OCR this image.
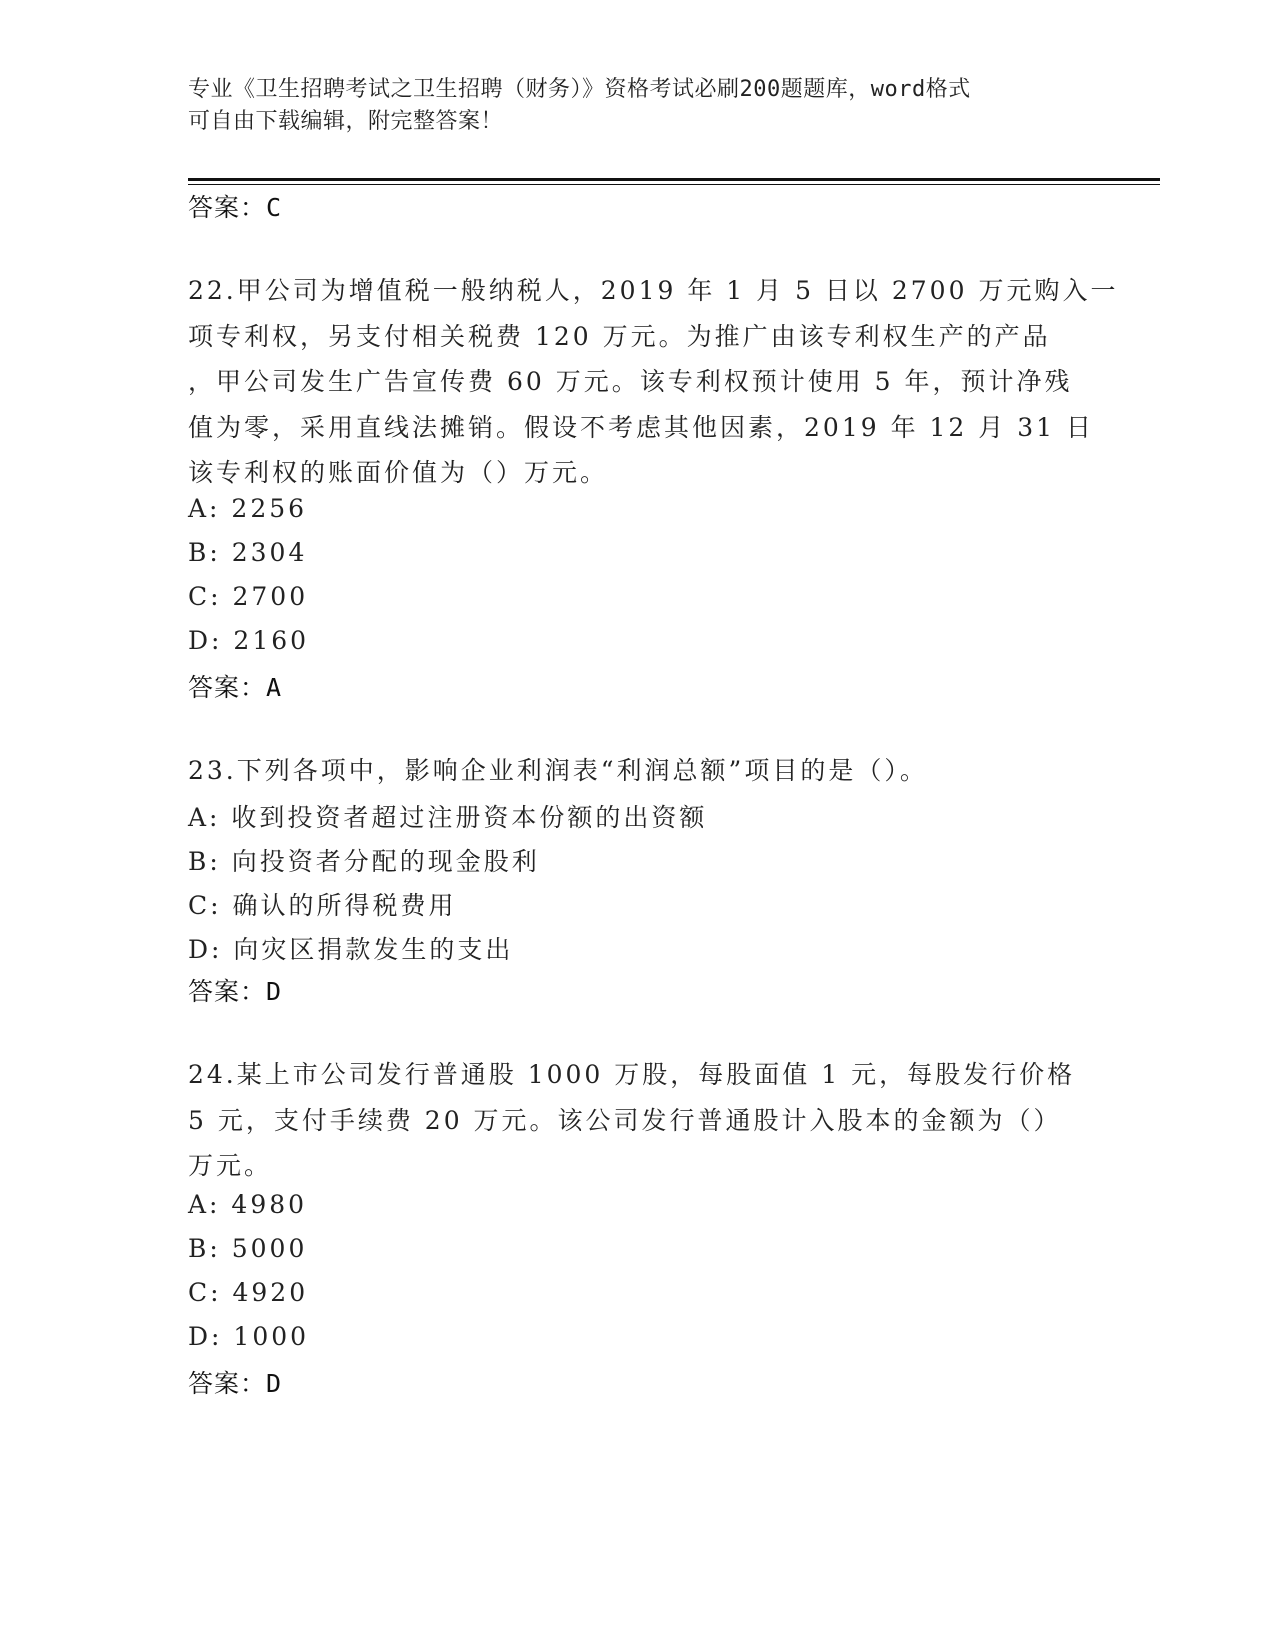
专业《卫生招聘考试之卫生招聘（财务）》资格考试必刷200题题库，word格式
可自由下载编辑，附完整答案！
答案：C
22.甲公司为增值税一般纳税人，2019 年 1 月 5 日以 2700 万元购入一
项专利权，另支付相关税费 120 万元。为推广由该专利权生产的产品
，甲公司发生广告宣传费 60 万元。该专利权预计使用 5 年，预计净残
值为零，采用直线法摊销。假设不考虑其他因素，2019 年 12 月 31 日
该专利权的账面价值为（）万元。
A: 2256
B: 2304
C: 2700
D: 2160
答案：A
23.下列各项中，影响企业利润表“利润总额”项目的是（）。
A: 收到投资者超过注册资本份额的出资额
B: 向投资者分配的现金股利
C: 确认的所得税费用
D: 向灾区捐款发生的支出
答案：D
24.某上市公司发行普通股 1000 万股，每股面值 1 元，每股发行价格
5 元，支付手续费 20 万元。该公司发行普通股计入股本的金额为（）
万元。
A: 4980
B: 5000
C: 4920
D: 1000
答案：D
